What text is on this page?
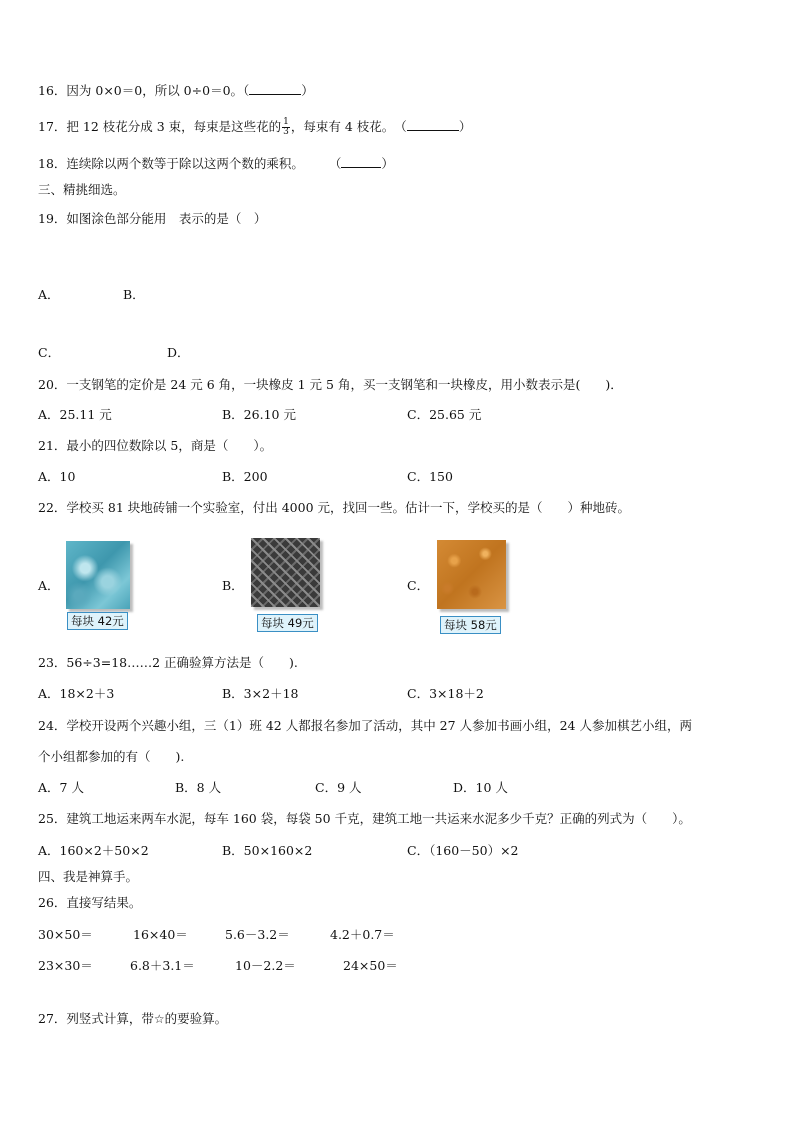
16．因为 0×0＝0，所以 0÷0＝0。（	）
17．把 12 枝花分成 3 束，每束是这些花的 $\frac{1}{3}$ ，每束有 4 枝花。　（	）
18．连续除以两个数等于除以这两个数的乘积。　　　（	）
三、精挑细选。
19．如图涂色部分能用　表示的是（　）
A．	B．
C．	D．
20．一支钢笔的定价是 24 元 6 角，一块橡皮 1 元 5 角，买一支钢笔和一块橡皮，用小数表示是(　　)．
A．25.11 元	B．26.10 元	C．25.65 元
21．最小的四位数除以 5，商是（　　）。
A．10	B．200	C．150
22．学校买 81 块地砖铺一个实验室，付出 4000 元，找回一些。估计一下，学校买的是（　　）种地砖。
A．
每块 42元
B．
每块 49元
C．
每块 58元
23．56÷3=18……2 正确验算方法是（　　).
A．18×2＋3	B．3×2＋18	C．3×18＋2
24．学校开设两个兴趣小组，三（1）班 42 人都报名参加了活动，其中 27 人参加书画小组，24 人参加棋艺小组，两
个小组都参加的有（　　).
A．7 人	B．8 人	C．9 人	D．10 人
25．建筑工地运来两车水泥，每车 160 袋，每袋 50 千克，建筑工地一共运来水泥多少千克？正确的列式为（　　）。
A．160×2＋50×2	B．50×160×2	C．（160－50）×2
四、我是神算手。
26．直接写结果。
30×50＝	16×40＝	5.6－3.2＝	4.2＋0.7＝
23×30＝	6.8＋3.1＝	10－2.2＝	24×50＝
27．列竖式计算，带☆的要验算。
